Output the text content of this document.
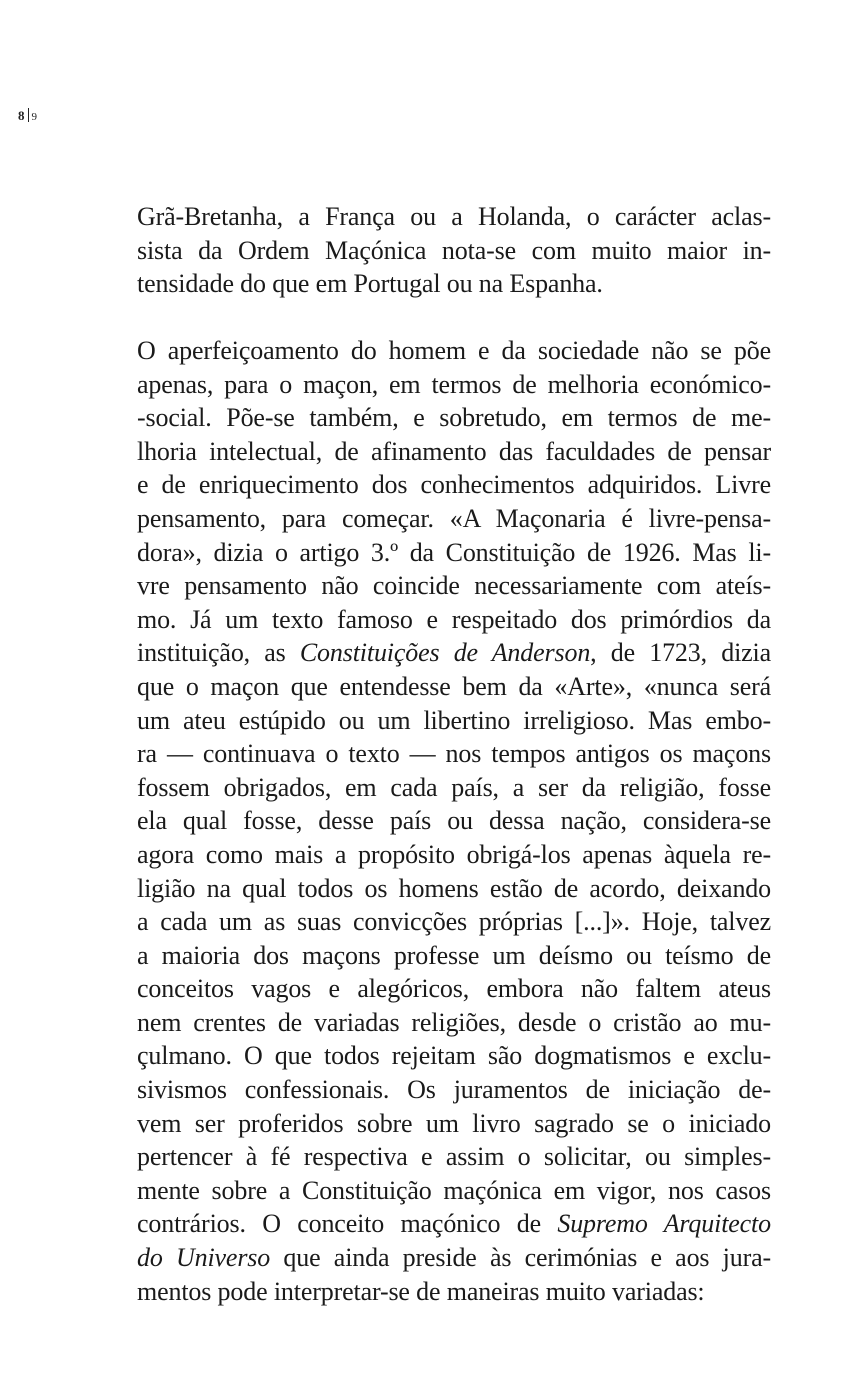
8 9
Grã-Bretanha, a França ou a Holanda, o carácter aclas-
sista da Ordem Maçónica nota-se com muito maior in-
tensidade do que em Portugal ou na Espanha.
O aperfeiçoamento do homem e da sociedade não se põe
apenas, para o maçon, em termos de melhoria económico-
-social. Põe-se também, e sobretudo, em termos de me-
lhoria intelectual, de afinamento das faculdades de pensar
e de enriquecimento dos conhecimentos adquiridos. Livre
pensamento, para começar. «A Maçonaria é livre-pensa-
dora», dizia o artigo 3.º da Constituição de 1926. Mas li-
vre pensamento não coincide necessariamente com ateís-
mo. Já um texto famoso e respeitado dos primórdios da
instituição, as Constituições de Anderson, de 1723, dizia
que o maçon que entendesse bem da «Arte», «nunca será
um ateu estúpido ou um libertino irreligioso. Mas embo-
ra — continuava o texto — nos tempos antigos os maçons
fossem obrigados, em cada país, a ser da religião, fosse
ela qual fosse, desse país ou dessa nação, considera-se
agora como mais a propósito obrigá-los apenas àquela re-
ligião na qual todos os homens estão de acordo, deixando
a cada um as suas convicções próprias [...]». Hoje, talvez
a maioria dos maçons professe um deísmo ou teísmo de
conceitos vagos e alegóricos, embora não faltem ateus
nem crentes de variadas religiões, desde o cristão ao mu-
çulmano. O que todos rejeitam são dogmatismos e exclu-
sivismos confessionais. Os juramentos de iniciação de-
vem ser proferidos sobre um livro sagrado se o iniciado
pertencer à fé respectiva e assim o solicitar, ou simples-
mente sobre a Constituição maçónica em vigor, nos casos
contrários. O conceito maçónico de Supremo Arquitecto
do Universo que ainda preside às cerimónias e aos jura-
mentos pode interpretar-se de maneiras muito variadas:
